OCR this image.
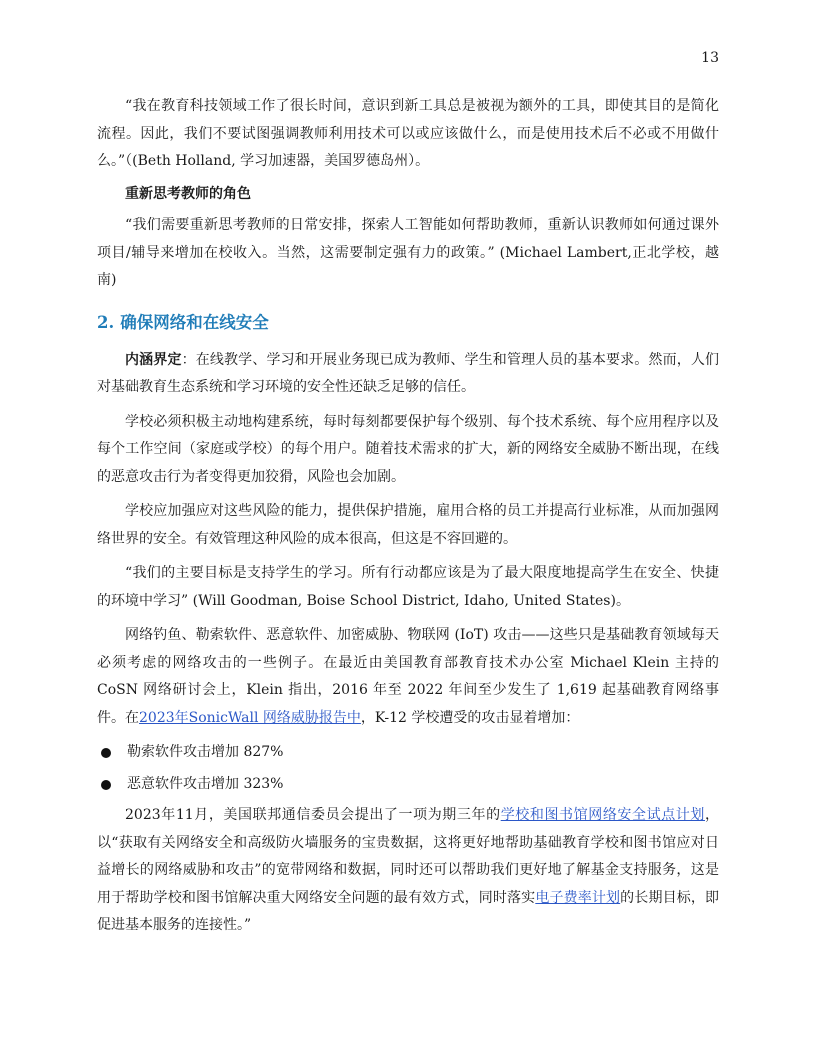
13

“我在教育科技领域工作了很长时间，意识到新工具总是被视为额外的工具，即使其目的是简化流程。因此，我们不要试图强调教师利用技术可以或应该做什么，而是使用技术后不必或不用做什么。”（(Beth Holland, 学习加速器，美国罗德岛州）。

重新思考教师的角色

“我们需要重新思考教师的日常安排，探索人工智能如何帮助教师，重新认识教师如何通过课外项目/辅导来增加在校收入。当然，这需要制定强有力的政策。” (Michael Lambert,正北学校，越南)

2. 确保网络和在线安全

内涵界定：在线教学、学习和开展业务现已成为教师、学生和管理人员的基本要求。然而，人们对基础教育生态系统和学习环境的安全性还缺乏足够的信任。

学校必须积极主动地构建系统，每时每刻都要保护每个级别、每个技术系统、每个应用程序以及每个工作空间（家庭或学校）的每个用户。随着技术需求的扩大，新的网络安全威胁不断出现，在线的恶意攻击行为者变得更加狡猾，风险也会加剧。

学校应加强应对这些风险的能力，提供保护措施，雇用合格的员工并提高行业标准，从而加强网络世界的安全。有效管理这种风险的成本很高，但这是不容回避的。

“我们的主要目标是支持学生的学习。所有行动都应该是为了最大限度地提高学生在安全、快捷的环境中学习” (Will Goodman, Boise School District, Idaho, United States)。

网络钓鱼、勒索软件、恶意软件、加密威胁、物联网 (IoT) 攻击——这些只是基础教育领域每天必须考虑的网络攻击的一些例子。在最近由美国教育部教育技术办公室 Michael Klein 主持的 CoSN 网络研讨会上，Klein 指出，2016 年至 2022 年间至少发生了 1,619 起基础教育网络事件。在2023年SonicWall 网络威胁报告中，K-12 学校遭受的攻击显着增加：

勒索软件攻击增加 827%
恶意软件攻击增加 323%

2023年11月，美国联邦通信委员会提出了一项为期三年的学校和图书馆网络安全试点计划，以“获取有关网络安全和高级防火墙服务的宝贵数据，这将更好地帮助基础教育学校和图书馆应对日益增长的网络威胁和攻击”的宽带网络和数据，同时还可以帮助我们更好地了解基金支持服务，这是用于帮助学校和图书馆解决重大网络安全问题的最有效方式，同时落实电子费率计划的长期目标，即促进基本服务的连接性。”
